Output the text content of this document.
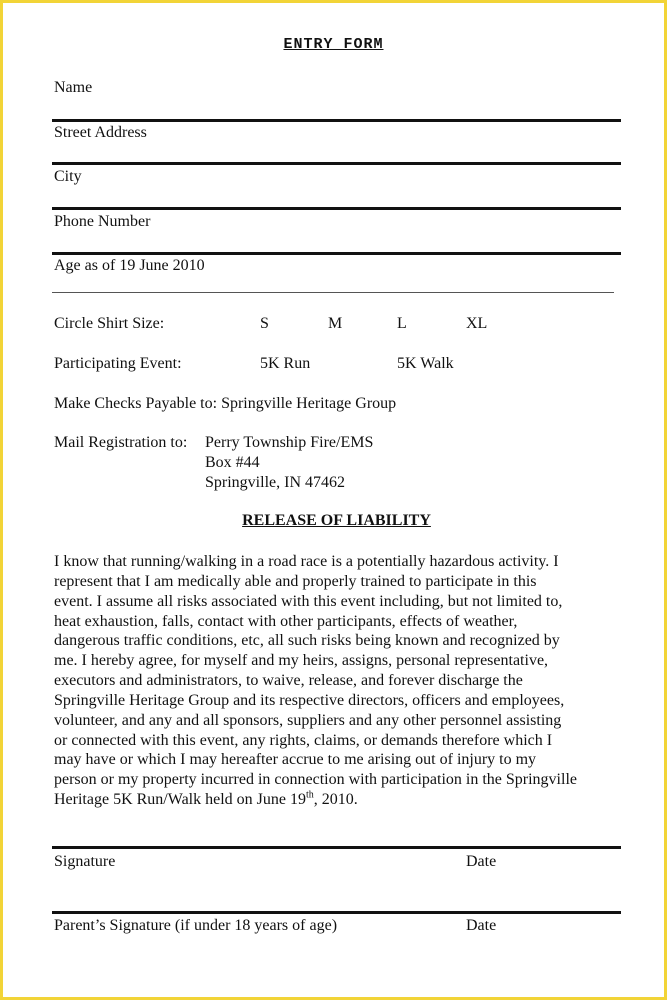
ENTRY FORM
Name
Street Address
City
Phone Number
Age as of 19 June 2010
Circle Shirt Size:	S	M	L	XL
Participating Event:	5K Run	5K Walk
Make Checks Payable to: Springville Heritage Group
Mail Registration to: Perry Township Fire/EMS
Box #44
Springville, IN 47462
RELEASE OF LIABILITY
I know that running/walking in a road race is a potentially hazardous activity. I
represent that I am medically able and properly trained to participate in this
event. I assume all risks associated with this event including, but not limited to,
heat exhaustion, falls, contact with other participants, effects of weather,
dangerous traffic conditions, etc, all such risks being known and recognized by
me. I hereby agree, for myself and my heirs, assigns, personal representative,
executors and administrators, to waive, release, and forever discharge the
Springville Heritage Group and its respective directors, officers and employees,
volunteer, and any and all sponsors, suppliers and any other personnel assisting
or connected with this event, any rights, claims, or demands therefore which I
may have or which I may hereafter accrue to me arising out of injury to my
person or my property incurred in connection with participation in the Springville
Heritage 5K Run/Walk held on June 19th, 2010.
Signature	Date
Parent’s Signature (if under 18 years of age)	Date
